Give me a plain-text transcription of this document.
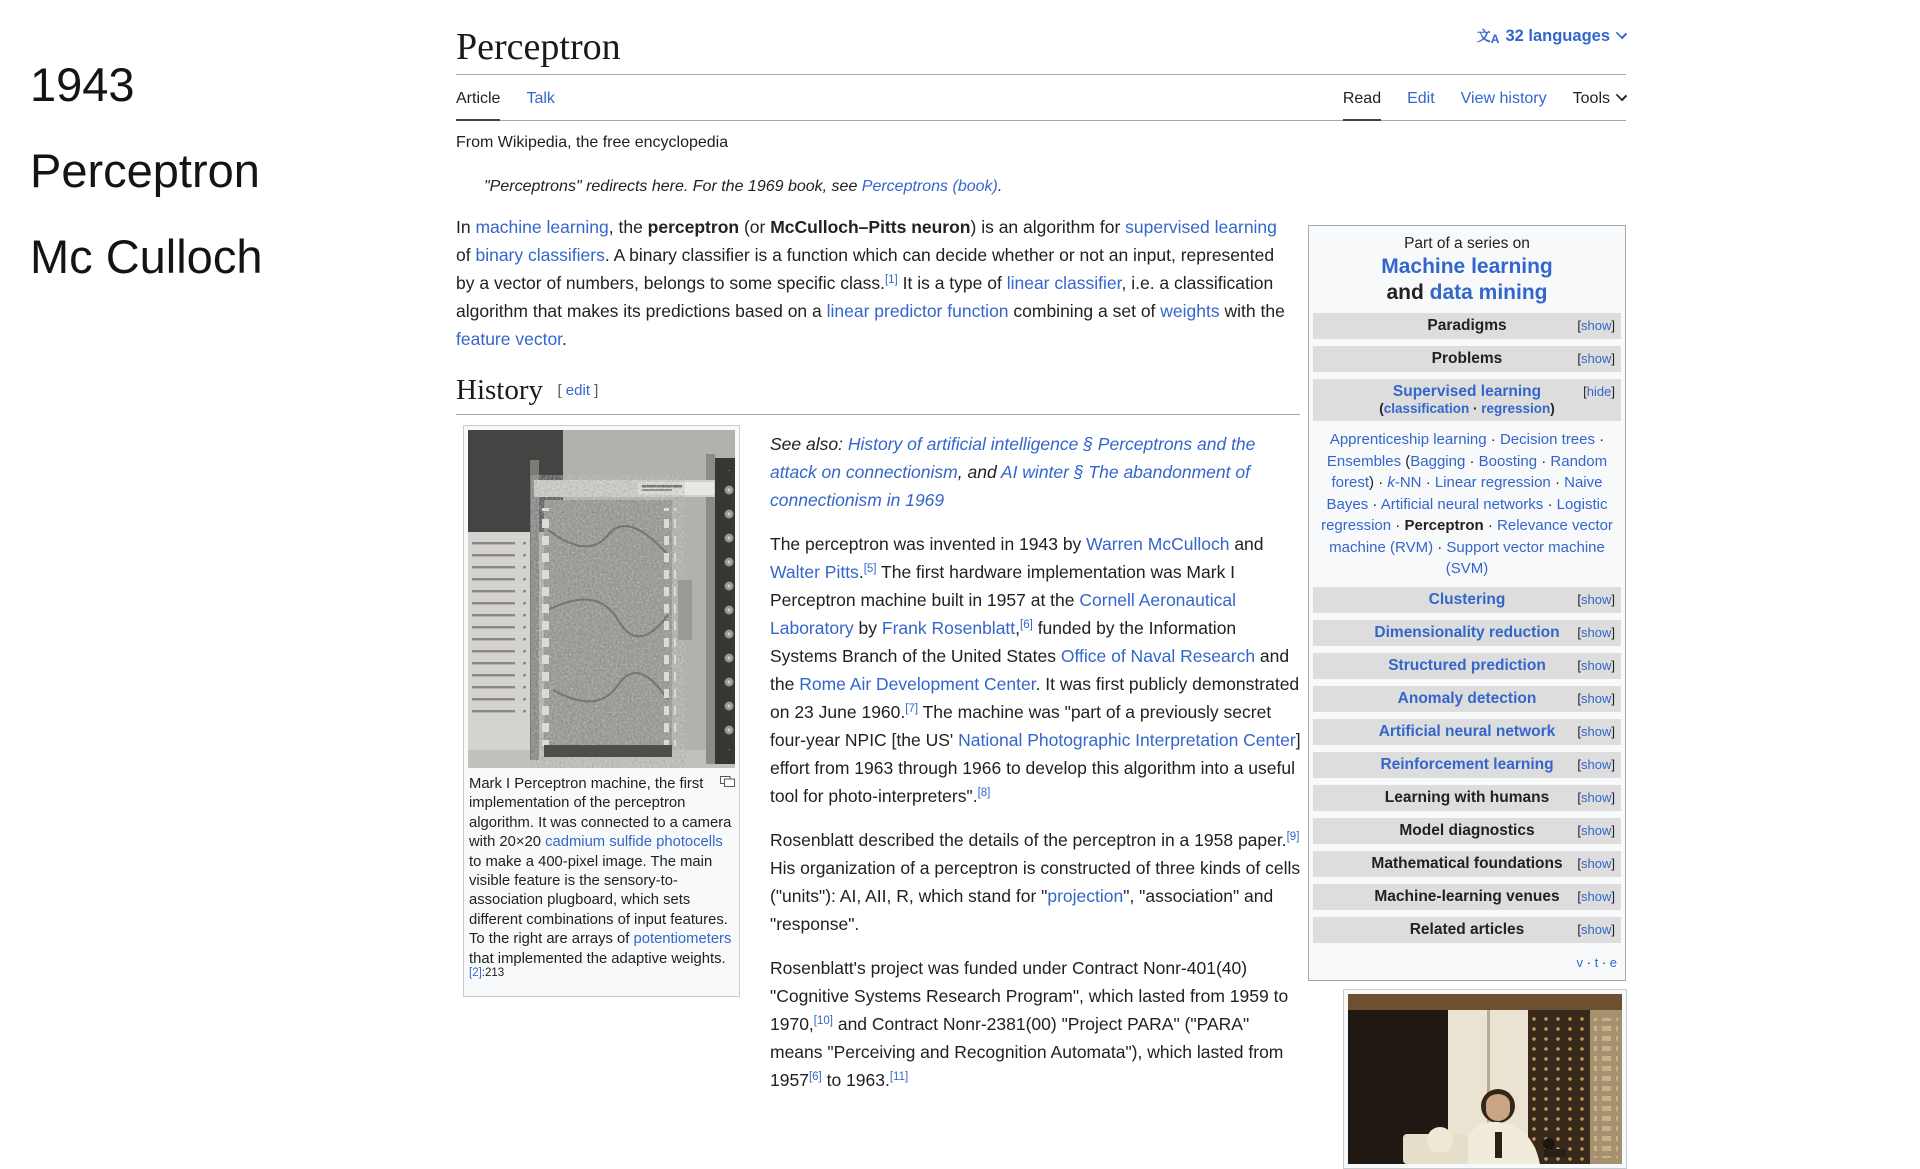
1943
Perceptron
Mc Culloch
Perceptron	文A 32 languages
Article Talk	Read Edit View history Tools
From Wikipedia, the free encyclopedia
"Perceptrons" redirects here. For the 1969 book, see Perceptrons (book).
In machine learning, the perceptron (or McCulloch–Pitts neuron) is an algorithm for supervised learning of binary classifiers. A binary classifier is a function which can decide whether or not an input, represented by a vector of numbers, belongs to some specific class.[1] It is a type of linear classifier, i.e. a classification algorithm that makes its predictions based on a linear predictor function combining a set of weights with the feature vector.
History [ edit ]
Mark I Perceptron machine, the first implementation of the perceptron algorithm. It was connected to a camera with 20×20 cadmium sulfide photocells to make a 400-pixel image. The main visible feature is the sensory-to-association plugboard, which sets different combinations of input features. To the right are arrays of potentiometers that implemented the adaptive weights.$^{[2]:213}$

See also: History of artificial intelligence § Perceptrons and the attack on connectionism, and AI winter § The abandonment of connectionism in 1969

The perceptron was invented in 1943 by Warren McCulloch and Walter Pitts.[5] The first hardware implementation was Mark I Perceptron machine built in 1957 at the Cornell Aeronautical Laboratory by Frank Rosenblatt,[6] funded by the Information Systems Branch of the United States Office of Naval Research and the Rome Air Development Center. It was first publicly demonstrated on 23 June 1960.[7] The machine was "part of a previously secret four-year NPIC [the US' National Photographic Interpretation Center] effort from 1963 through 1966 to develop this algorithm into a useful tool for photo-interpreters".[8]

Rosenblatt described the details of the perceptron in a 1958 paper.[9] His organization of a perceptron is constructed of three kinds of cells ("units"): AI, AII, R, which stand for "projection", "association" and "response".

Rosenblatt's project was funded under Contract Nonr-401(40) "Cognitive Systems Research Program", which lasted from 1959 to 1970,[10] and Contract Nonr-2381(00) "Project PARA" ("PARA" means "Perceiving and Recognition Automata"), which lasted from 1957[6] to 1963.[11]

Part of a series on
Machine learning
and data mining
Paradigms	[show]
Problems	[show]
Supervised learning
(classification · regression)
[hide]
Apprenticeship learning · Decision trees · Ensembles (Bagging · Boosting · Random forest) · k-NN · Linear regression · Naive Bayes · Artificial neural networks · Logistic regression · Perceptron · Relevance vector machine (RVM) · Support vector machine (SVM)
Clustering	[show]
Dimensionality reduction [show]
Structured prediction [show]
Anomaly detection	[show]
Artificial neural network [show]
Reinforcement learning [show]
Learning with humans [show]
Model diagnostics	[show]
Mathematical foundations [show]
Machine-learning venues [show]
Related articles	[show]
v · t · e
